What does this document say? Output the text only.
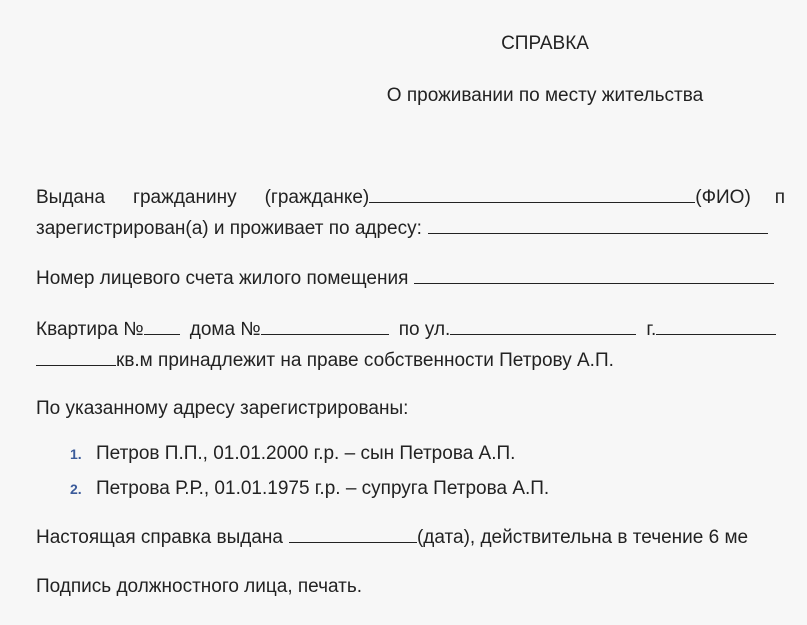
СПРАВКА
О проживании по месту жительства
Выдана гражданину (гражданке)	(ФИО) п
зарегистрирован(а) и проживает по адресу:
Номер лицевого счета жилого помещения
Квартира № дома №	по ул.	г.
кв.м принадлежит на праве собственности Петрову А.П.
По указанному адресу зарегистрированы:
1. Петров П.П., 01.01.2000 г.р. – сын Петрова А.П.
2. Петрова Р.Р., 01.01.1975 г.р. – супруга Петрова А.П.
Настоящая справка выдана	(дата), действительна в течение 6 ме
Подпись должностного лица, печать.
